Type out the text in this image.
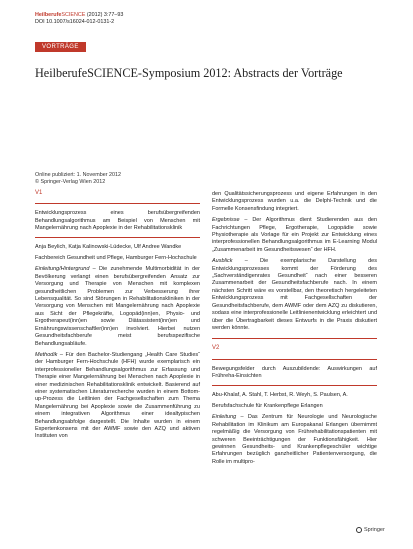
HeilberufeSCIENCE (2012) 3:77–93
DOI 10.1007/s16024-012-0131-2
VORTRÄGE
HeilberufeSCIENCE-Symposium 2012: Abstracts der Vorträge
Online publiziert: 1. November 2012
© Springer-Verlag Wien 2012
V1
Entwicklungsprozess eines berufsübergreifenden Behandlungsalgorithmus am Beispiel von Menschen mit Mangelernährung nach Apoplexie in der Rehabilitationsklinik
Anja Beylich, Katja Kalinowski-Lüdecke, Ulf Andree Wandke
Fachbereich Gesundheit und Pflege, Hamburger Fern-Hochschule
Einleitung/Hintergrund – Die zunehmende Multimorbidität in der Bevölkerung verlangt einen berufsübergreifenden Ansatz zur Versorgung und Therapie von Menschen mit komplexen gesundheitlichen Problemen zur Verbesserung ihrer Lebensqualität. So sind Störungen in Rehabilitationskliniken in der Versorgung von Menschen mit Mangelernährung nach Apoplexie aus Sicht der Pflegekräfte, Logopäd(inn)en, Physio- und Ergotherapeut(inn)en sowie Diätassistent(inn)en und Ernährungswissenschaftler(inn)en involviert. Hierbei nutzen Gesundheitsfachberufe meist berufsspezifische Behandlungsabläufe.
Methodik – Für den Bachelor-Studiengang „Health Care Studies“ der Hamburger Fern-Hochschule (HFH) wurde exemplarisch ein interprofessioneller Behandlungsalgorithmus zur Erfassung und Therapie einer Mangelernährung bei Menschen nach Apoplexie in einer medizinischen Rehabilitationsklinik entwickelt. Basierend auf einer systematischen Literaturrecherche wurden in einem Bottom-up-Prozess die Leitlinien der Fachgesellschaften zum Thema Mangelernährung bei Apoplexie sowie die Zusammenführung zu einem integrativen Algorithmus einer idealtypischen Behandlungsabfolge dargestellt. Die Inhalte wurden in einem Expertenkonsens mit der AWMF sowie den AZQ und aktiven Instituten von
den Qualitätssicherungsprozess und eigene Erfahrungen in den Entwicklungsprozess wurden u.a. die Delphi-Technik und die Formelle Konsensfindung integriert.
Ergebnisse – Der Algorithmus dient Studierenden aus den Fachrichtungen Pflege, Ergotherapie, Logopädie sowie Physiotherapie als Vorlage für ein Projekt zur Entwicklung eines interprofessionellen Behandlungsalgorithmus im E-Learning Modul „Zusammenarbeit im Gesundheitswesen“ der HFH.
Ausblick – Die exemplarische Darstellung des Entwicklungsprozesses kommt der Förderung des „Sachverständigenrates Gesundheit“ nach einer besseren Zusammenarbeit der Gesundheitsfachberufe nach. In einem nächsten Schritt wäre es vorstellbar, den theoretisch hergeleiteten Entwicklungsprozess mit Fachgesellschaften der Gesundheitsfachberufe, dem AWMF oder dem AZQ zu diskutieren, sodass eine interprofessionelle Leitlinienentwicklung erleichtert und über die Übertragbarkeit dieses Entwurfs in die Praxis diskutiert werden könnte.
V2
Bewegungsfelder durch Auszubildende: Auswirkungen auf Frühreha-Einsichten
Abu-Khalaf, A. Stahl, T. Herbst, R. Weyh, S. Paulsen, A.
Berufsfachschule für Krankenpflege Erlangen
Einleitung – Das Zentrum für Neurologie und Neurologische Rehabilitation im Klinikum am Europakanal Erlangen übernimmt regelmäßig die Versorgung von Frührehabilitationspatienten mit schweren Beeinträchtigungen der Funktionsfähigkeit. Hier gewinnen Gesundheits- und Krankenpflegeschüler wichtige Erfahrungen bezüglich ganzheitlicher Patientenversorgung, die Rolle im multipro-
Springer
